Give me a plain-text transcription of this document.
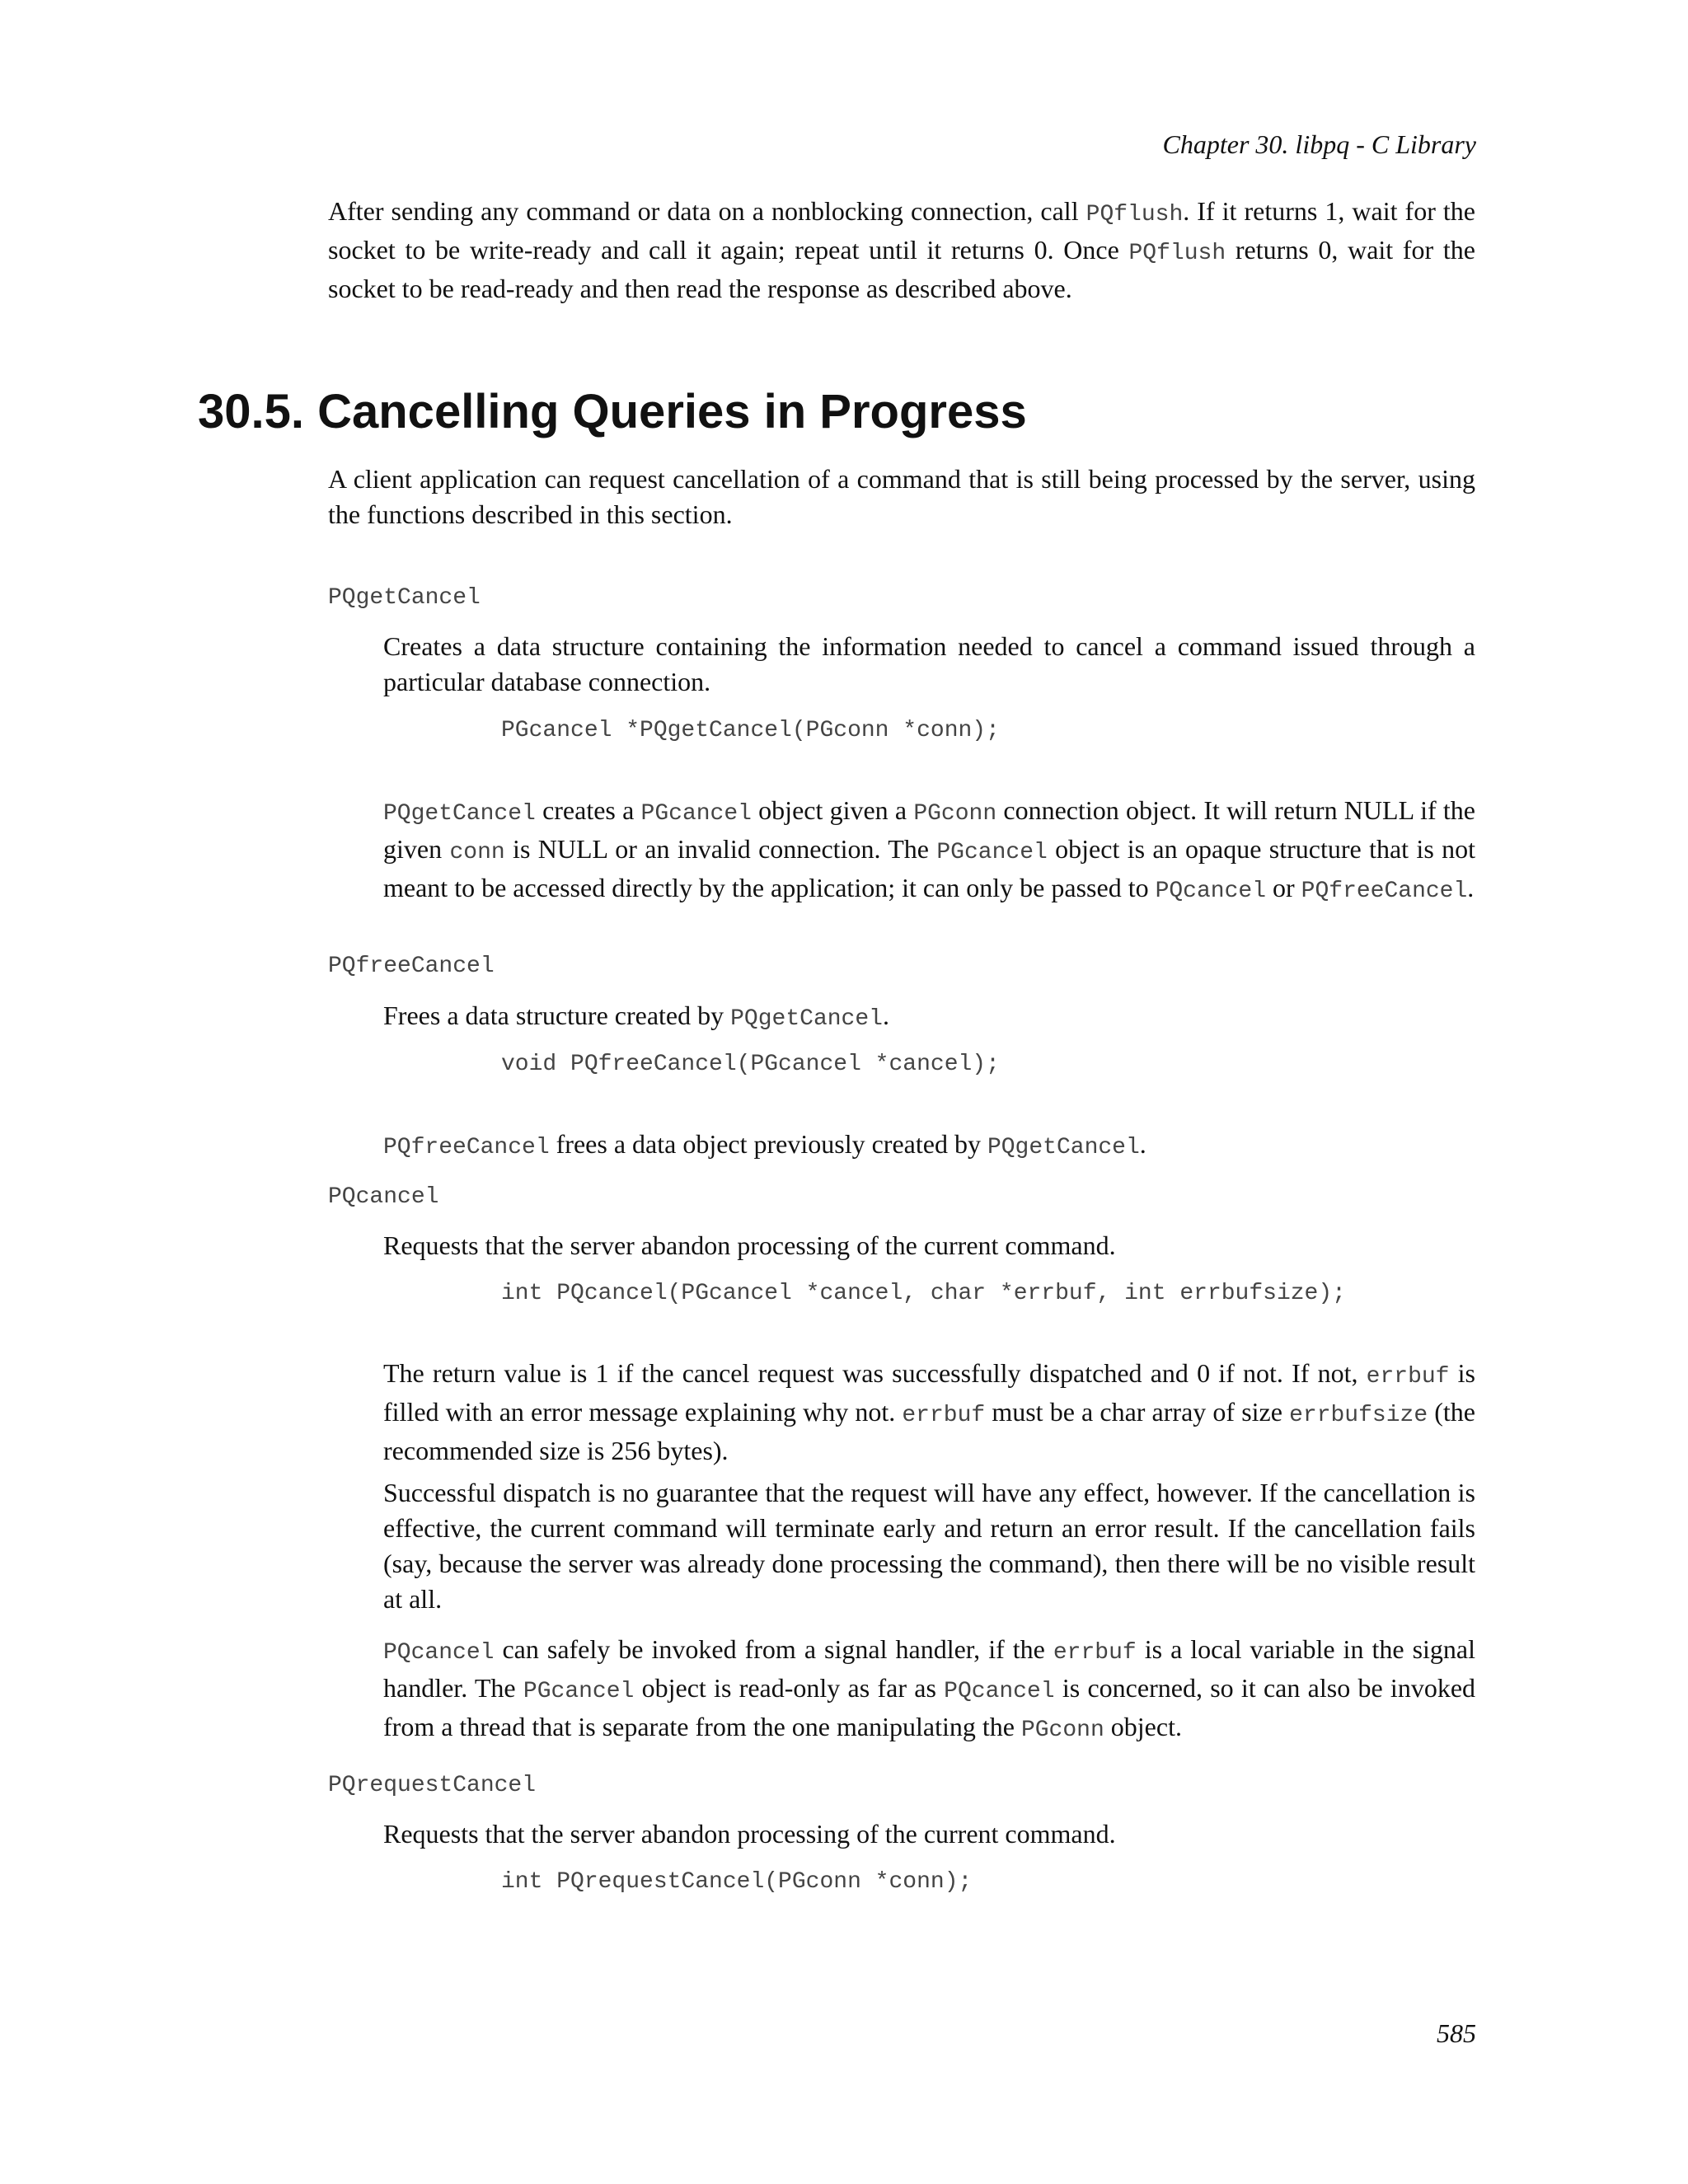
Chapter 30. libpq - C Library

After sending any command or data on a nonblocking connection, call PQflush. If it returns 1, wait for the socket to be write-ready and call it again; repeat until it returns 0. Once PQflush returns 0, wait for the socket to be read-ready and then read the response as described above.

30.5. Cancelling Queries in Progress

A client application can request cancellation of a command that is still being processed by the server, using the functions described in this section.

PQgetCancel

Creates a data structure containing the information needed to cancel a command issued through a particular database connection.

PGcancel *PQgetCancel(PGconn *conn);

PQgetCancel creates a PGcancel object given a PGconn connection object. It will return NULL if the given conn is NULL or an invalid connection. The PGcancel object is an opaque structure that is not meant to be accessed directly by the application; it can only be passed to PQcancel or PQfreeCancel.

PQfreeCancel

Frees a data structure created by PQgetCancel.

void PQfreeCancel(PGcancel *cancel);

PQfreeCancel frees a data object previously created by PQgetCancel.

PQcancel

Requests that the server abandon processing of the current command.

int PQcancel(PGcancel *cancel, char *errbuf, int errbufsize);

The return value is 1 if the cancel request was successfully dispatched and 0 if not. If not, errbuf is filled with an error message explaining why not. errbuf must be a char array of size errbufsize (the recommended size is 256 bytes).

Successful dispatch is no guarantee that the request will have any effect, however. If the cancellation is effective, the current command will terminate early and return an error result. If the cancellation fails (say, because the server was already done processing the command), then there will be no visible result at all.

PQcancel can safely be invoked from a signal handler, if the errbuf is a local variable in the signal handler. The PGcancel object is read-only as far as PQcancel is concerned, so it can also be invoked from a thread that is separate from the one manipulating the PGconn object.

PQrequestCancel

Requests that the server abandon processing of the current command.

int PQrequestCancel(PGconn *conn);
585
